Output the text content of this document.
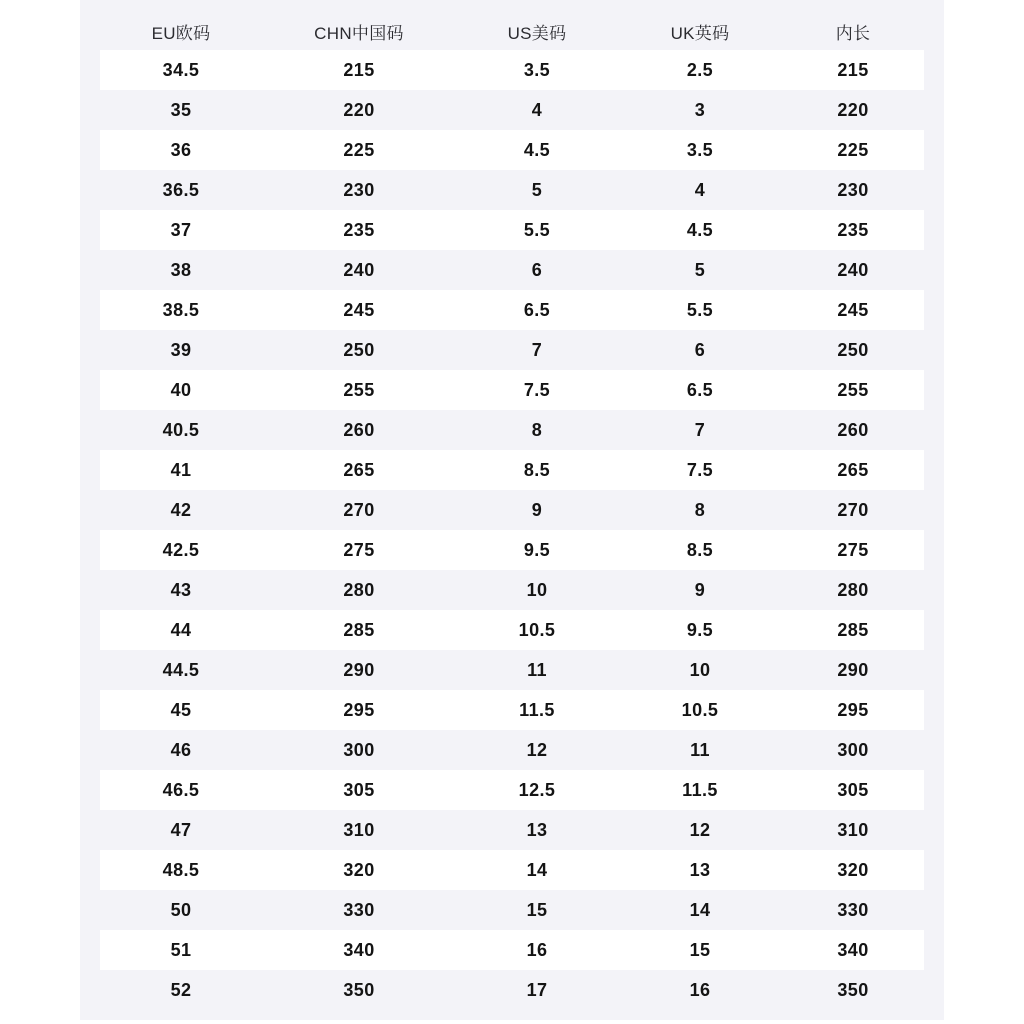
EU欧码	CHN中国码	US美码	UK英码	内长
34.5	215	3.5	2.5	215
35	220	4	3	220
36	225	4.5	3.5	225
36.5	230	5	4	230
37	235	5.5	4.5	235
38	240	6	5	240
38.5	245	6.5	5.5	245
39	250	7	6	250
40	255	7.5	6.5	255
40.5	260	8	7	260
41	265	8.5	7.5	265
42	270	9	8	270
42.5	275	9.5	8.5	275
43	280	10	9	280
44	285	10.5	9.5	285
44.5	290	11	10	290
45	295	11.5	10.5	295
46	300	12	11	300
46.5	305	12.5	11.5	305
47	310	13	12	310
48.5	320	14	13	320
50	330	15	14	330
51	340	16	15	340
52	350	17	16	350
